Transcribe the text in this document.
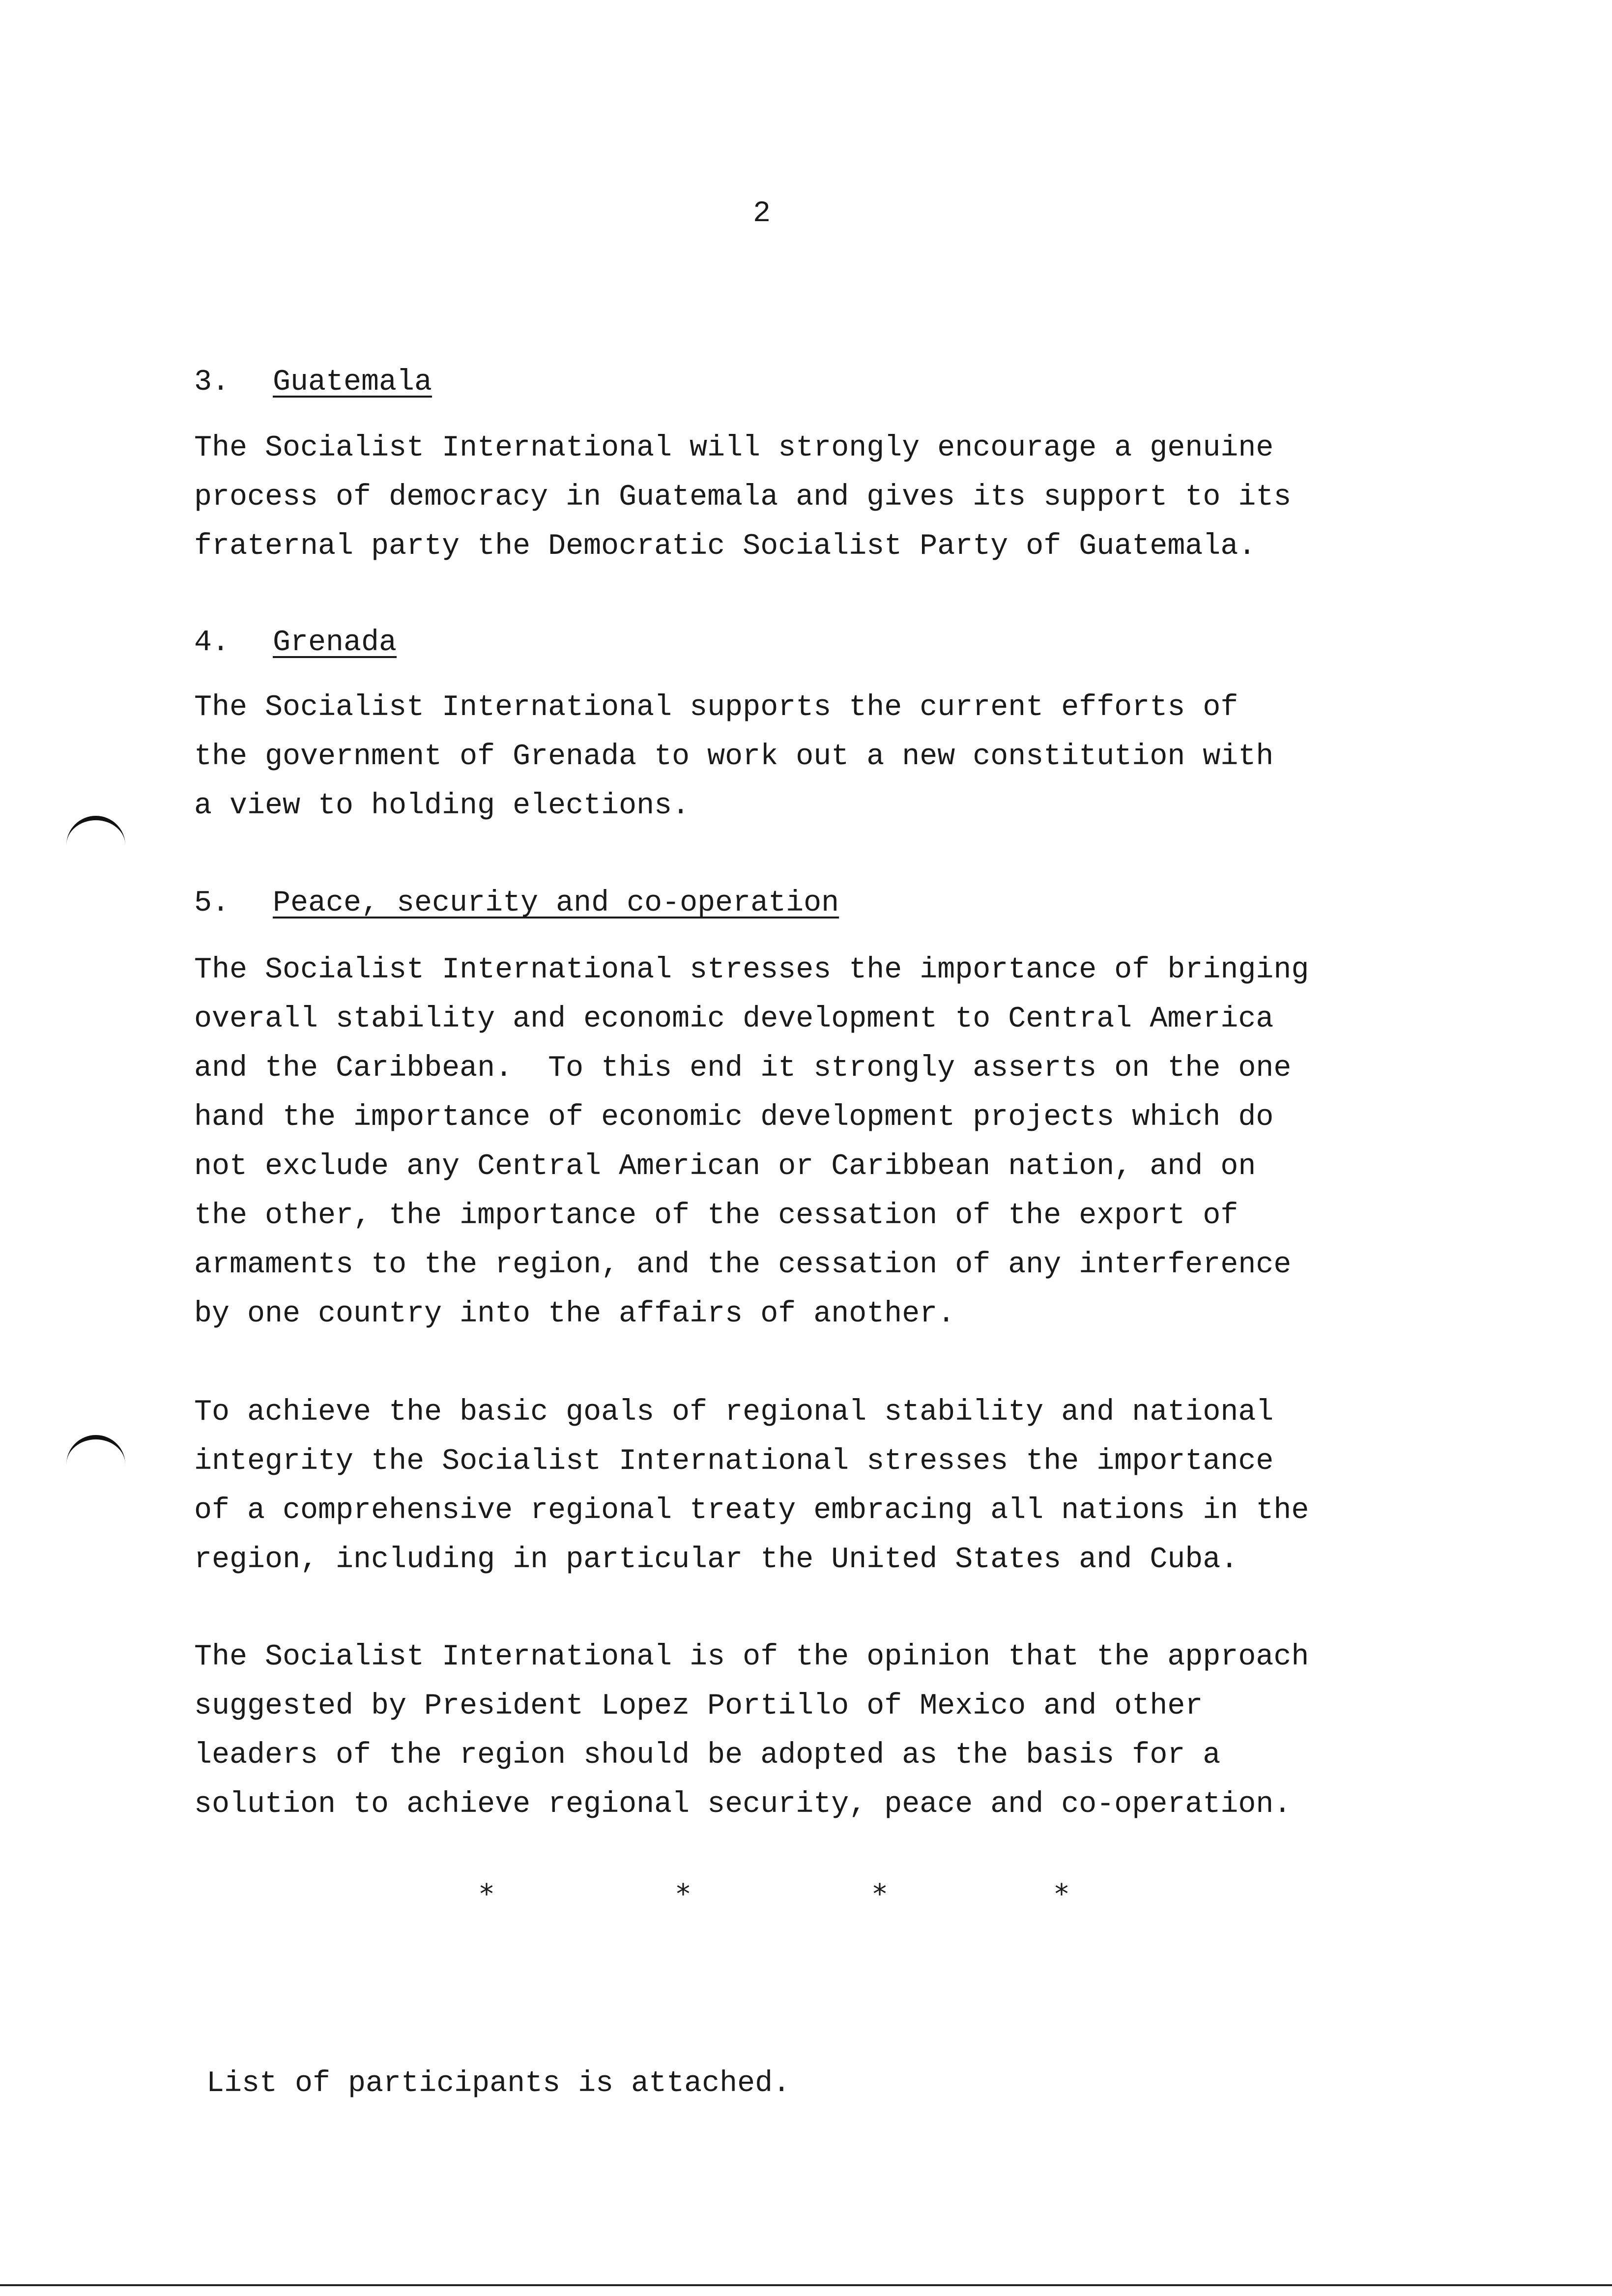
2
3. Guatemala

The Socialist International will strongly encourage a genuine

process of democracy in Guatemala and gives its support to its

fraternal party the Democratic Socialist Party of Guatemala.

4. Grenada

The Socialist International supports the current efforts of

the government of Grenada to work out a new constitution with

a view to holding elections.

5. Peace, security and co-operation

The Socialist International stresses the importance of bringing

overall stability and economic development to Central America

and the Caribbean.  To this end it strongly asserts on the one

hand the importance of economic development projects which do

not exclude any Central American or Caribbean nation, and on

the other, the importance of the cessation of the export of

armaments to the region, and the cessation of any interference

by one country into the affairs of another.

To achieve the basic goals of regional stability and national

integrity the Socialist International stresses the importance

of a comprehensive regional treaty embracing all nations in the

region, including in particular the United States and Cuba.

The Socialist International is of the opinion that the approach

suggested by President Lopez Portillo of Mexico and other

leaders of the region should be adopted as the basis for a

solution to achieve regional security, peace and co-operation.

*	*	*	*

List of participants is attached.
